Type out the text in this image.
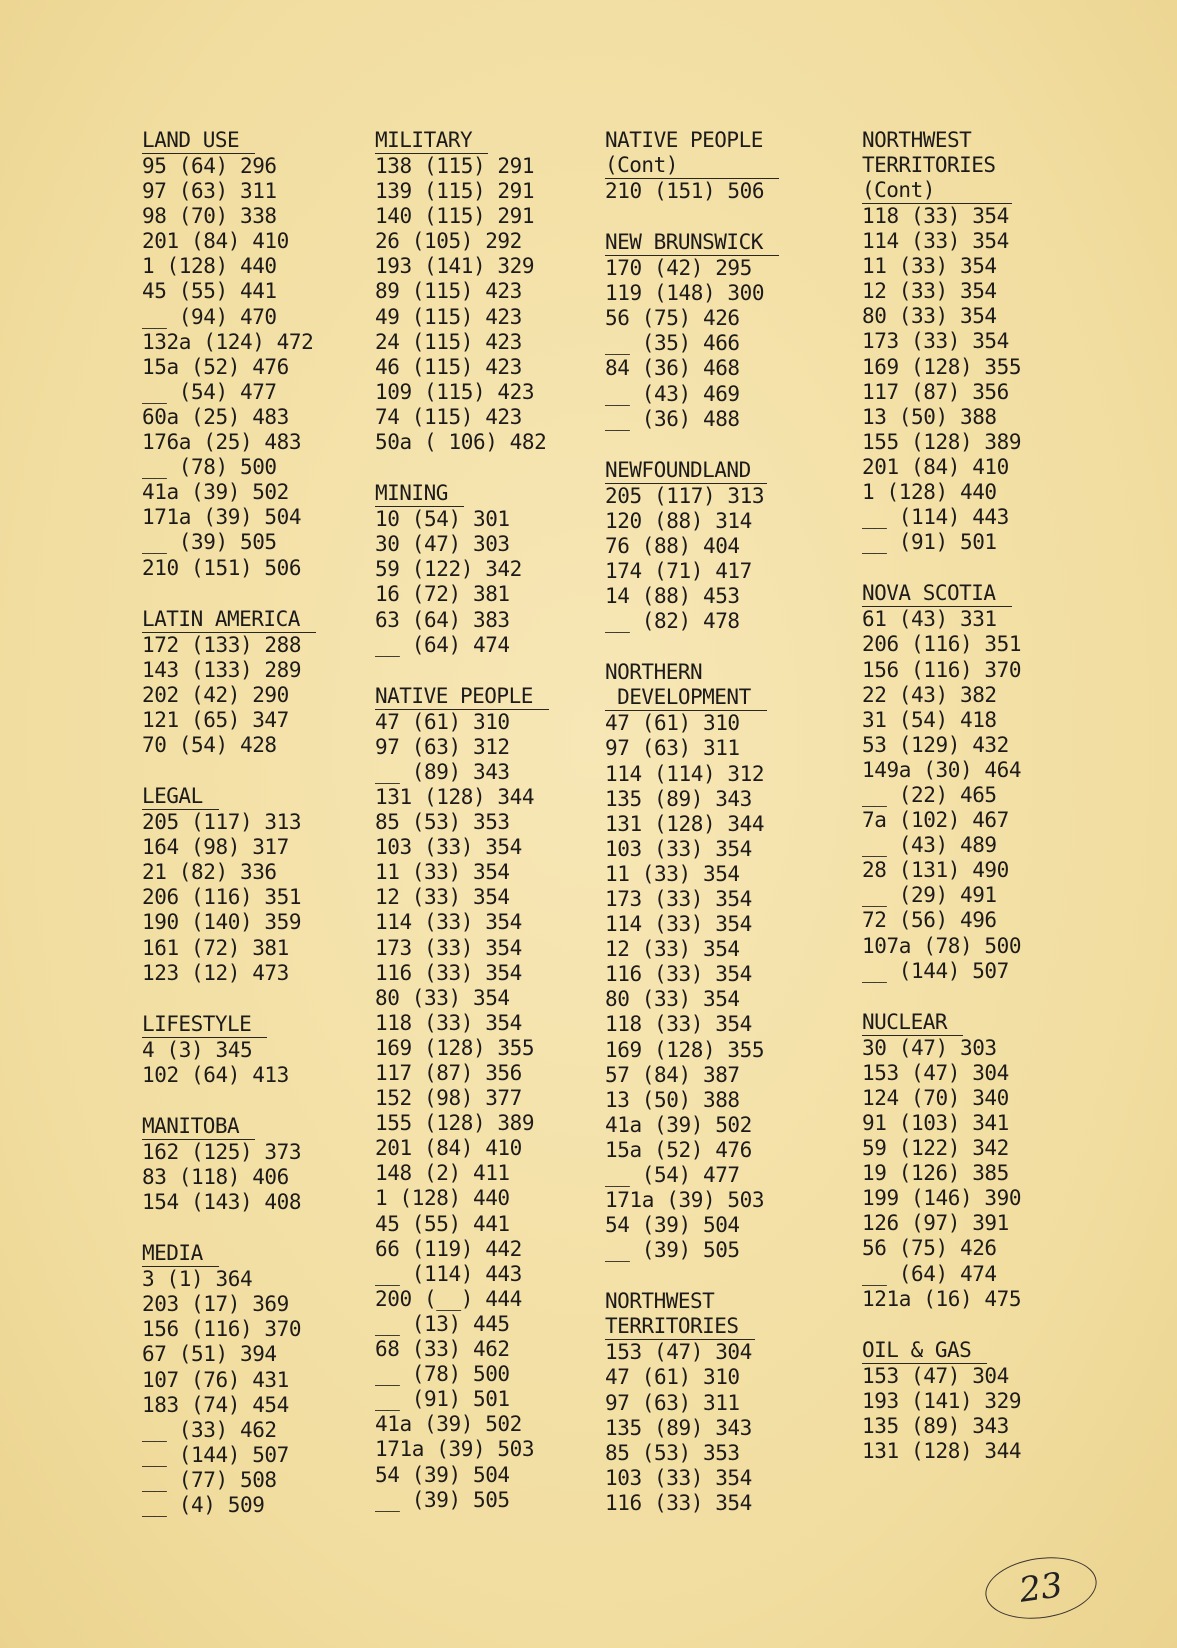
LAND USE
95 (64) 296
97 (63) 311
98 (70) 338
201 (84) 410
1 (128) 440
45 (55) 441
__ (94) 470
132a (124) 472
15a (52) 476
__ (54) 477
60a (25) 483
176a (25) 483
__ (78) 500
41a (39) 502
171a (39) 504
__ (39) 505
210 (151) 506
LATIN AMERICA
172 (133) 288
143 (133) 289
202 (42) 290
121 (65) 347
70 (54) 428
LEGAL
205 (117) 313
164 (98) 317
21 (82) 336
206 (116) 351
190 (140) 359
161 (72) 381
123 (12) 473
LIFESTYLE
4 (3) 345
102 (64) 413
MANITOBA
162 (125) 373
83 (118) 406
154 (143) 408
MEDIA
3 (1) 364
203 (17) 369
156 (116) 370
67 (51) 394
107 (76) 431
183 (74) 454
__ (33) 462
__ (144) 507
__ (77) 508
__ (4) 509
MILITARY
138 (115) 291
139 (115) 291
140 (115) 291
26 (105) 292
193 (141) 329
89 (115) 423
49 (115) 423
24 (115) 423
46 (115) 423
109 (115) 423
74 (115) 423
50a ( 106) 482
MINING
10 (54) 301
30 (47) 303
59 (122) 342
16 (72) 381
63 (64) 383
__ (64) 474
NATIVE PEOPLE
47 (61) 310
97 (63) 312
__ (89) 343
131 (128) 344
85 (53) 353
103 (33) 354
11 (33) 354
12 (33) 354
114 (33) 354
173 (33) 354
116 (33) 354
80 (33) 354
118 (33) 354
169 (128) 355
117 (87) 356
152 (98) 377
155 (128) 389
201 (84) 410
148 (2) 411
1 (128) 440
45 (55) 441
66 (119) 442
__ (114) 443
200 (__) 444
__ (13) 445
68 (33) 462
__ (78) 500
__ (91) 501
41a (39) 502
171a (39) 503
54 (39) 504
__ (39) 505
NATIVE PEOPLE
(Cont)
210 (151) 506
NEW BRUNSWICK
170 (42) 295
119 (148) 300
56 (75) 426
__ (35) 466
84 (36) 468
__ (43) 469
__ (36) 488
NEWFOUNDLAND
205 (117) 313
120 (88) 314
76 (88) 404
174 (71) 417
14 (88) 453
__ (82) 478
NORTHERN
DEVELOPMENT
47 (61) 310
97 (63) 311
114 (114) 312
135 (89) 343
131 (128) 344
103 (33) 354
11 (33) 354
173 (33) 354
114 (33) 354
12 (33) 354
116 (33) 354
80 (33) 354
118 (33) 354
169 (128) 355
57 (84) 387
13 (50) 388
41a (39) 502
15a (52) 476
__ (54) 477
171a (39) 503
54 (39) 504
__ (39) 505
NORTHWEST
TERRITORIES
153 (47) 304
47 (61) 310
97 (63) 311
135 (89) 343
85 (53) 353
103 (33) 354
116 (33) 354
NORTHWEST
TERRITORIES
(Cont)
118 (33) 354
114 (33) 354
11 (33) 354
12 (33) 354
80 (33) 354
173 (33) 354
169 (128) 355
117 (87) 356
13 (50) 388
155 (128) 389
201 (84) 410
1 (128) 440
__ (114) 443
__ (91) 501
NOVA SCOTIA
61 (43) 331
206 (116) 351
156 (116) 370
22 (43) 382
31 (54) 418
53 (129) 432
149a (30) 464
__ (22) 465
7a (102) 467
__ (43) 489
28 (131) 490
__ (29) 491
72 (56) 496
107a (78) 500
__ (144) 507
NUCLEAR
30 (47) 303
153 (47) 304
124 (70) 340
91 (103) 341
59 (122) 342
19 (126) 385
199 (146) 390
126 (97) 391
56 (75) 426
__ (64) 474
121a (16) 475
OIL & GAS
153 (47) 304
193 (141) 329
135 (89) 343
131 (128) 344
23
